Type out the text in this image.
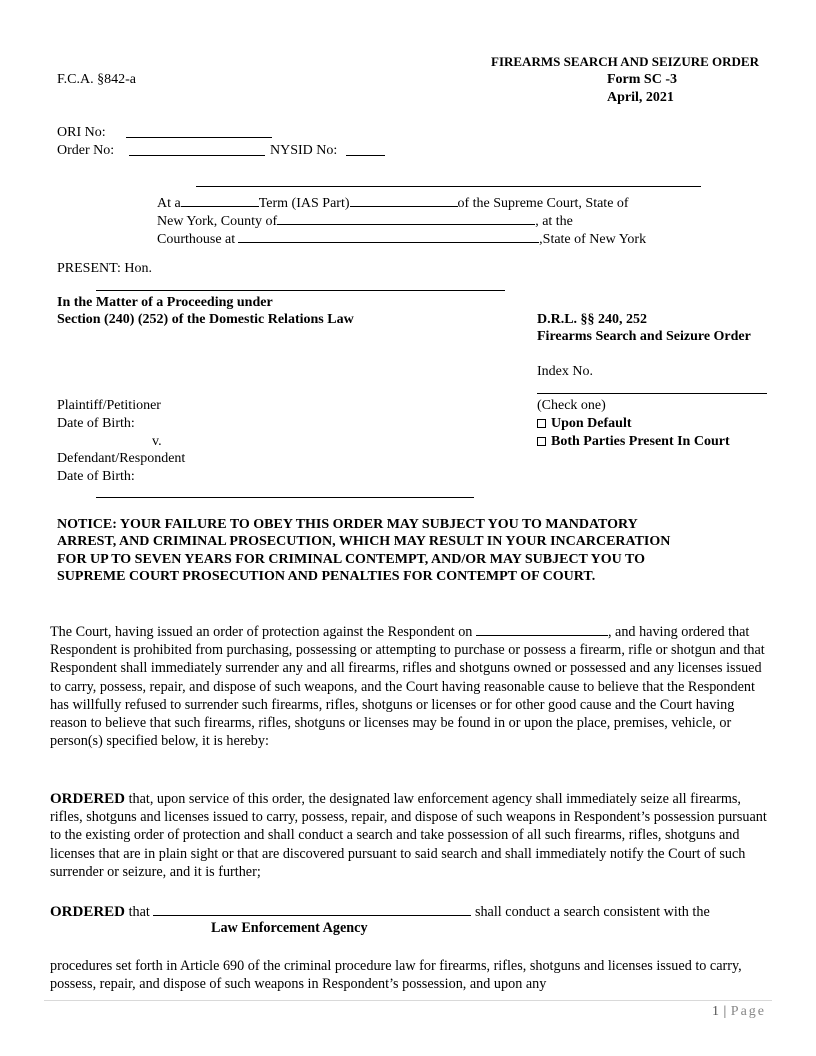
FIREARMS SEARCH AND SEIZURE ORDER
F.C.A. §842-a	Form SC -3
April, 2021
ORI No:
Order No:	NYSID No:
At a	Term (IAS Part)	of the Supreme Court, State of
New York, County of	, at the
Courthouse at	,State of New York
PRESENT: Hon.
In the Matter of a Proceeding under
Section (240) (252) of the Domestic Relations Law	D.R.L. §§ 240, 252
Firearms Search and Seizure Order
Index No.
(Check one)
Upon Default
Both Parties Present In Court
Plaintiff/Petitioner
Date of Birth:
v.
Defendant/Respondent
Date of Birth:
NOTICE: YOUR FAILURE TO OBEY THIS ORDER MAY SUBJECT YOU TO MANDATORY
ARREST, AND CRIMINAL PROSECUTION, WHICH MAY RESULT IN YOUR INCARCERATION
FOR UP TO SEVEN YEARS FOR CRIMINAL CONTEMPT, AND/OR MAY SUBJECT YOU TO
SUPREME COURT PROSECUTION AND PENALTIES FOR CONTEMPT OF COURT.
The Court, having issued an order of protection against the Respondent on	, and having ordered that Respondent is prohibited from purchasing, possessing or attempting to purchase or possess a firearm, rifle or shotgun and that Respondent shall immediately surrender any and all firearms, rifles and shotguns owned or possessed and any licenses issued to carry, possess, repair, and dispose of such weapons, and the Court having reasonable cause to believe that the Respondent has willfully refused to surrender such firearms, rifles, shotguns or licenses or for other good cause and the Court having reason to believe that such firearms, rifles, shotguns or licenses may be found in or upon the place, premises, vehicle, or person(s) specified below, it is hereby:
ORDERED that, upon service of this order, the designated law enforcement agency shall immediately seize all firearms, rifles, shotguns and licenses issued to carry, possess, repair, and dispose of such weapons in Respondent’s possession pursuant to the existing order of protection and shall conduct a search and take possession of all such firearms, rifles, shotguns and licenses that are in plain sight or that are discovered pursuant to said search and shall immediately notify the Court of such surrender or seizure, and it is further;
ORDERED that	shall conduct a search consistent with the
Law Enforcement Agency
procedures set forth in Article 690 of the criminal procedure law for firearms, rifles, shotguns and licenses issued to carry, possess, repair, and dispose of such weapons in Respondent’s possession, and upon any
1 | Page
